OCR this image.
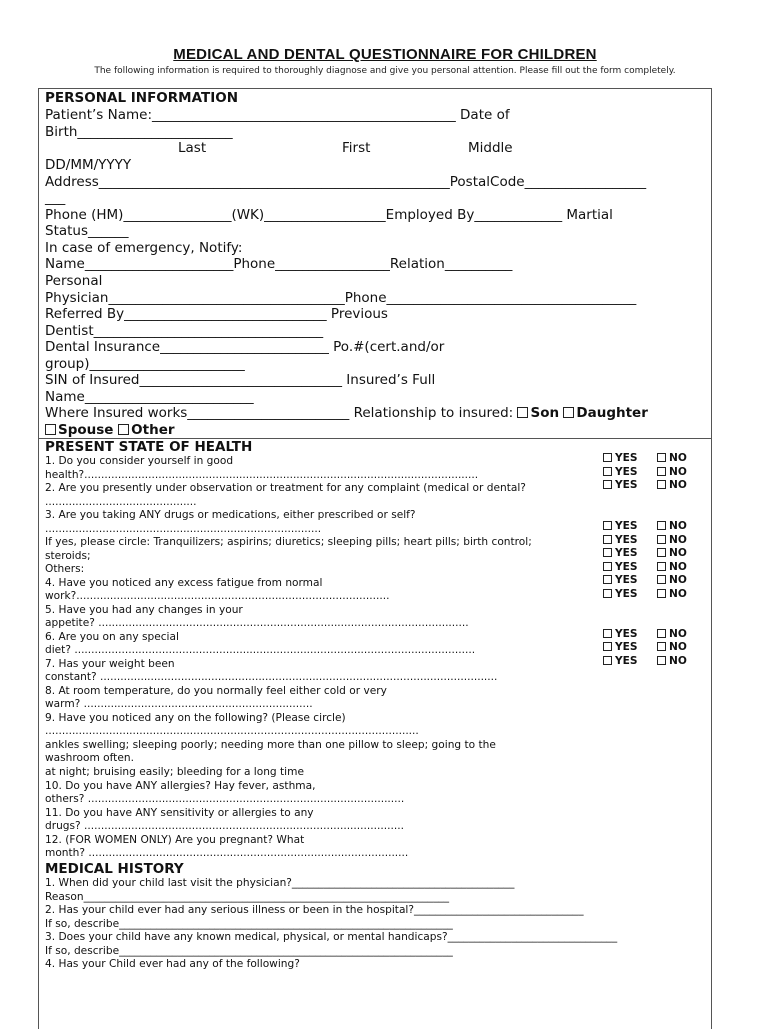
MEDICAL AND DENTAL QUESTIONNAIRE FOR CHILDREN
The following information is required to thoroughly diagnose and give you personal attention. Please fill out the form completely.
PERSONAL INFORMATION
Patient’s Name:_____________________________________________ Date of
Birth_______________________
Last	First	Middle
DD/MM/YYYY
Address____________________________________________________PostalCode__________________
___
Phone (HM)________________(WK)__________________Employed By_____________ Martial
Status______
In case of emergency, Notify:
Name______________________Phone_________________Relation__________
Personal
Physician___________________________________Phone_____________________________________
Referred By______________________________ Previous
Dentist__________________________________
Dental Insurance_________________________ Po.#(cert.and/or
group)_______________________
SIN of Insured______________________________ Insured’s Full
Name_________________________
Where Insured works________________________ Relationship to insured: Son Daughter
Spouse Other
PRESENT STATE OF HEALTH
1. Do you consider yourself in good
health?.....................................................................................................................
2. Are you presently under observation or treatment for any complaint (medical or dental?
.............................................
3. Are you taking ANY drugs or medications, either prescribed or self?
..................................................................................
If yes, please circle: Tranquilizers; aspirins; diuretics; sleeping pills; heart pills; birth control;
steroids;
Others:
4. Have you noticed any excess fatigue from normal
work?.............................................................................................
5. Have you had any changes in your
appetite? ..............................................................................................................
6. Are you on any special
diet? .......................................................................................................................
7. Has your weight been
constant? ......................................................................................................................
8. At room temperature, do you normally feel either cold or very
warm? ....................................................................
9. Have you noticed any on the following? (Please circle)
...............................................................................................................
ankles swelling; sleeping poorly; needing more than one pillow to sleep; going to the
washroom often.
at night; bruising easily; bleeding for a long time
10. Do you have ANY allergies? Hay fever, asthma,
others? ..............................................................................................
11. Do you have ANY sensitivity or allergies to any
drugs? ...............................................................................................
12. (FOR WOMEN ONLY) Are you pregnant? What
month? ...............................................................................................
YES	NO
YES	NO
YES	NO
YES	NO
YES	NO
YES	NO
YES	NO
YES	NO
YES	NO
YES	NO
YES	NO
YES	NO
MEDICAL HISTORY
1. When did your child last visit the physician?__________________________________________
Reason_____________________________________________________________________
2. Has your child ever had any serious illness or been in the hospital?________________________________
If so, describe_______________________________________________________________
3. Does your child have any known medical, physical, or mental handicaps?________________________________
If so, describe_______________________________________________________________
4. Has your Child ever had any of the following?
